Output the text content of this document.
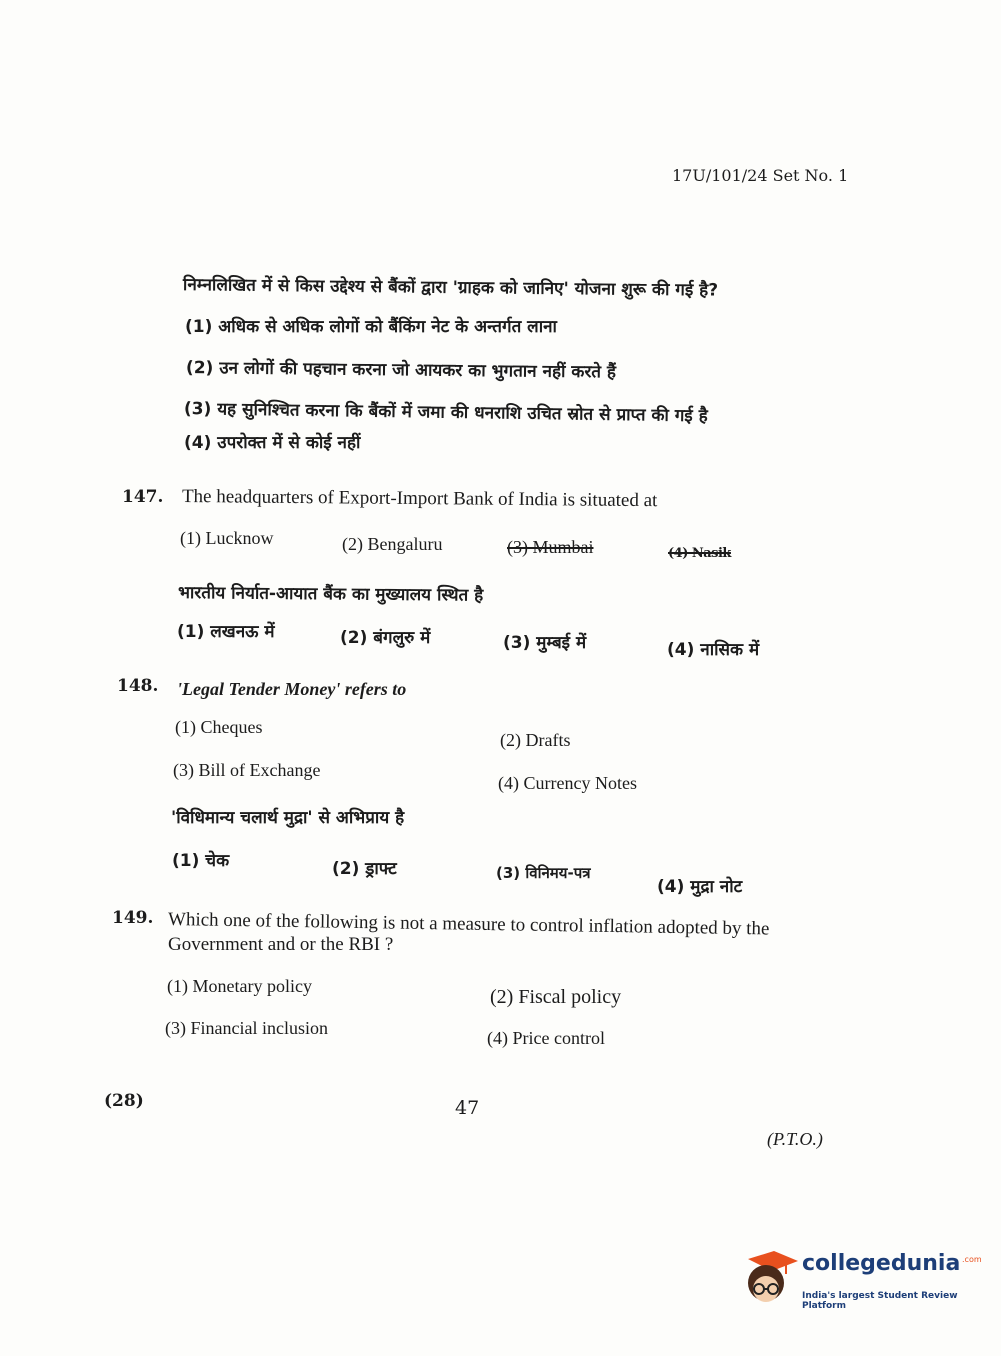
17U/101/24 Set No. 1
निम्नलिखित में से किस उद्देश्य से बैंकों द्वारा 'ग्राहक को जानिए' योजना शुरू की गई है?
(1) अधिक से अधिक लोगों को बैंकिंग नेट के अन्तर्गत लाना
(2) उन लोगों की पहचान करना जो आयकर का भुगतान नहीं करते हैं
(3) यह सुनिश्चित करना कि बैंकों में जमा की धनराशि उचित स्रोत से प्राप्त की गई है
(4) उपरोक्त में से कोई नहीं
147. The headquarters of Export-Import Bank of India is situated at
(1) Lucknow	(2) Bengaluru	(3) Mumbai	(4) Nasik
भारतीय निर्यात-आयात बैंक का मुख्यालय स्थित है
(1) लखनऊ में	(2) बंगलुरु में	(3) मुम्बई में	(4) नासिक में
148. 'Legal Tender Money' refers to
(1) Cheques
(2) Drafts
(3) Bill of Exchange
(4) Currency Notes
'विधिमान्य चलार्थ मुद्रा' से अभिप्राय है
(1) चेक	(2) ड्राफ्ट	(3) विनिमय-पत्र
(4) मुद्रा नोट
149. Which one of the following is not a measure to control inflation adopted by the
Government and or the RBI ?
(1) Monetary policy	(2) Fiscal policy
(3) Financial inclusion	(4) Price control
(28)	47
(P.T.O.)
collegedunia .com
India's largest Student Review Platform
